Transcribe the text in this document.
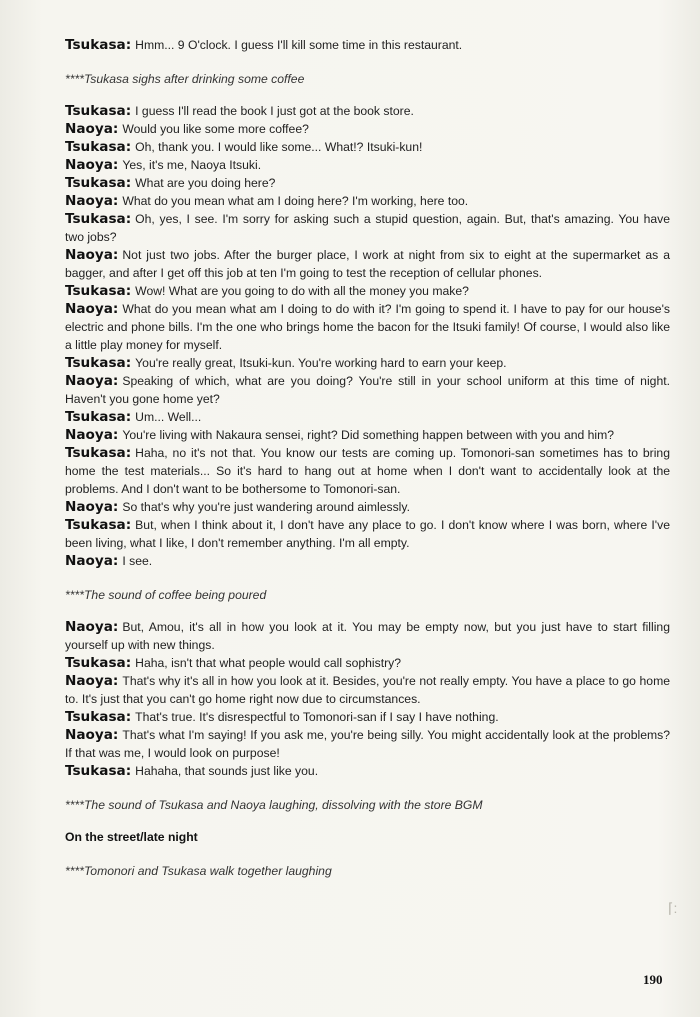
Tsukasa: Hmm... 9 O'clock. I guess I'll kill some time in this restaurant.

****Tsukasa sighs after drinking some coffee

Tsukasa: I guess I'll read the book I just got at the book store.

Naoya: Would you like some more coffee?

Tsukasa: Oh, thank you. I would like some... What!? Itsuki-kun!

Naoya: Yes, it's me, Naoya Itsuki.

Tsukasa: What are you doing here?

Naoya: What do you mean what am I doing here? I'm working, here too.

Tsukasa: Oh, yes, I see. I'm sorry for asking such a stupid question, again. But, that's amazing. You have two jobs?

Naoya: Not just two jobs. After the burger place, I work at night from six to eight at the supermarket as a bagger, and after I get off this job at ten I'm going to test the reception of cellular phones.

Tsukasa: Wow! What are you going to do with all the money you make?

Naoya: What do you mean what am I doing to do with it? I'm going to spend it. I have to pay for our house's electric and phone bills. I'm the one who brings home the bacon for the Itsuki family! Of course, I would also like a little play money for myself.

Tsukasa: You're really great, Itsuki-kun. You're working hard to earn your keep.

Naoya: Speaking of which, what are you doing? You're still in your school uniform at this time of night. Haven't you gone home yet?

Tsukasa: Um... Well...

Naoya: You're living with Nakaura sensei, right? Did something happen between with you and him?

Tsukasa: Haha, no it's not that. You know our tests are coming up. Tomonori-san sometimes has to bring home the test materials... So it's hard to hang out at home when I don't want to accidentally look at the problems. And I don't want to be bothersome to Tomonori-san.

Naoya: So that's why you're just wandering around aimlessly.

Tsukasa: But, when I think about it, I don't have any place to go. I don't know where I was born, where I've been living, what I like, I don't remember anything. I'm all empty.

Naoya: I see.

****The sound of coffee being poured

Naoya: But, Amou, it's all in how you look at it. You may be empty now, but you just have to start filling yourself up with new things.

Tsukasa: Haha, isn't that what people would call sophistry?

Naoya: That's why it's all in how you look at it. Besides, you're not really empty. You have a place to go home to. It's just that you can't go home right now due to circumstances.

Tsukasa: That's true. It's disrespectful to Tomonori-san if I say I have nothing.

Naoya: That's what I'm saying! If you ask me, you're being silly. You might accidentally look at the problems? If that was me, I would look on purpose!

Tsukasa: Hahaha, that sounds just like you.

****The sound of Tsukasa and Naoya laughing, dissolving with the store BGM

On the street/late night

****Tomonori and Tsukasa walk together laughing

190
⌈:
